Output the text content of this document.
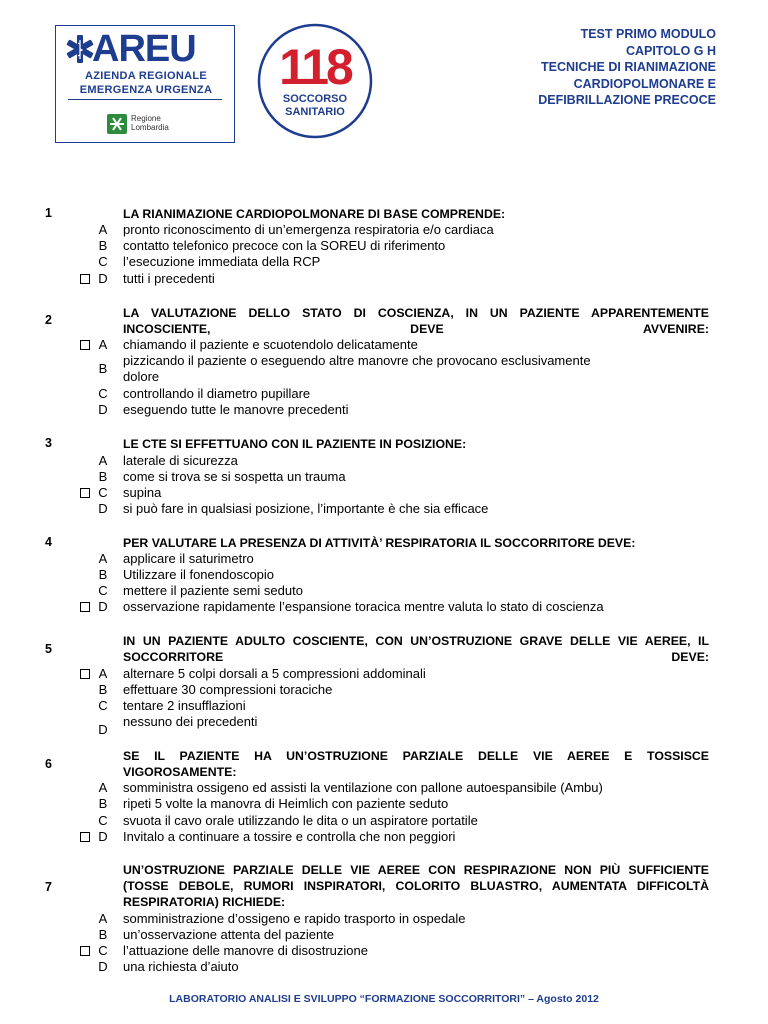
AREU
AZIENDA REGIONALE
EMERGENZA URGENZA
Regione
Lombardia
118
SOCCORSO
SANITARIO
TEST PRIMO MODULO
CAPITOLO G H
TECNICHE DI RIANIMAZIONE
CARDIOPOLMONARE E
DEFIBRILLAZIONE PRECOCE
1	LA RIANIMAZIONE CARDIOPOLMONARE DI BASE COMPRENDE:
A pronto riconoscimento di un’emergenza respiratoria e/o cardiaca
B contatto telefonico precoce con la SOREU di riferimento
C l’esecuzione immediata della RCP
D tutti i precedenti
2	LA VALUTAZIONE DELLO STATO DI COSCIENZA, IN UN PAZIENTE APPARENTEMENTE INCOSCIENTE, DEVE AVVENIRE:
A chiamando il paziente e scuotendolo delicatamente
B
pizzicando il paziente o eseguendo altre manovre che provocano esclusivamente
dolore
C controllando il diametro pupillare
D eseguendo tutte le manovre precedenti
3	LE CTE SI EFFETTUANO CON IL PAZIENTE IN POSIZIONE:
A laterale di sicurezza
B come si trova se si sospetta un trauma
C supina
D si può fare in qualsiasi posizione, l’importante è che sia efficace
4	PER VALUTARE LA PRESENZA DI ATTIVITÀ’ RESPIRATORIA IL SOCCORRITORE DEVE:
A applicare il saturimetro
B Utilizzare il fonendoscopio
C mettere il paziente semi seduto
D osservazione rapidamente l’espansione toracica mentre valuta lo stato di coscienza
5
IN UN PAZIENTE ADULTO COSCIENTE, CON UN’OSTRUZIONE GRAVE DELLE VIE AEREE, IL SOCCORRITORE DEVE:
A alternare 5 colpi dorsali a 5 compressioni addominali
B effettuare 30 compressioni toraciche
C tentare 2 insufflazioni
D
nessuno dei precedenti
6
SE IL PAZIENTE HA UN’OSTRUZIONE PARZIALE DELLE VIE AEREE E TOSSISCE VIGOROSAMENTE:
A somministra ossigeno ed assisti la ventilazione con pallone autoespansibile (Ambu)
B ripeti 5 volte la manovra di Heimlich con paziente seduto
C svuota il cavo orale utilizzando le dita o un aspiratore portatile
D Invitalo a continuare a tossire e controlla che non peggiori
7
UN’OSTRUZIONE PARZIALE DELLE VIE AEREE CON RESPIRAZIONE NON PIÙ SUFFICIENTE (TOSSE DEBOLE, RUMORI INSPIRATORI, COLORITO BLUASTRO, AUMENTATA DIFFICOLTÀ RESPIRATORIA) RICHIEDE:
A somministrazione d’ossigeno e rapido trasporto in ospedale
B un’osservazione attenta del paziente
C l’attuazione delle manovre di disostruzione
D una richiesta d’aiuto
LABORATORIO ANALISI E SVILUPPO “FORMAZIONE SOCCORRITORI” – Agosto 2012
